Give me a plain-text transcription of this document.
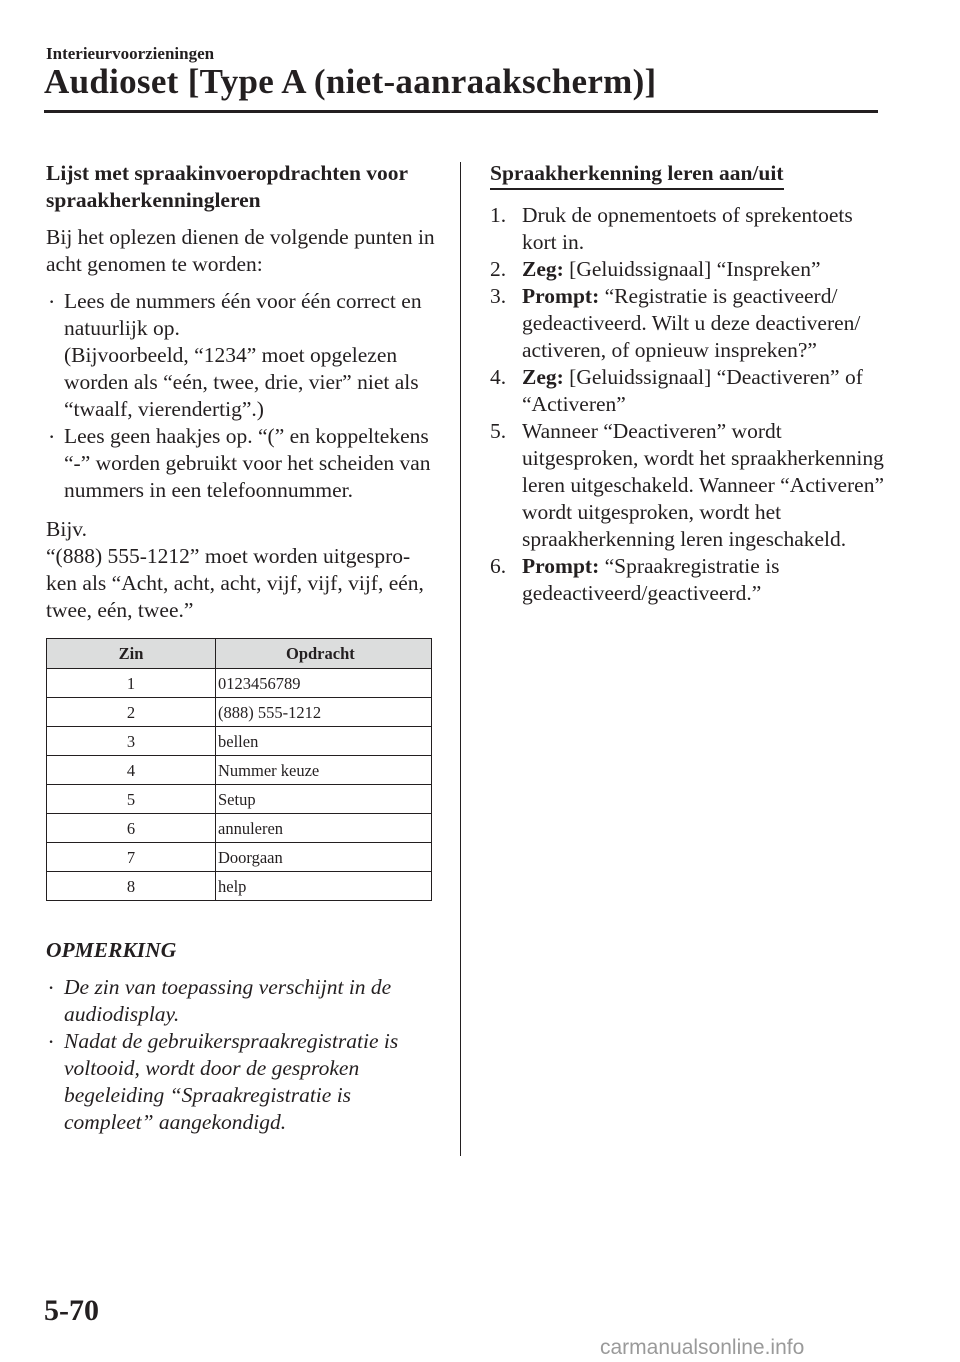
Interieurvoorzieningen
Audioset [Type A (niet-aanraakscherm)]
Lijst met spraakinvoeropdrachten voor spraakherkenningleren

Bij het oplezen dienen de volgende punten in acht genomen te worden:

· Lees de nummers één voor één correct en natuurlijk op.
(Bijvoorbeeld, “1234” moet opgelezen worden als “eén, twee, drie, vier” niet als “twaalf, vierendertig”.)
· Lees geen haakjes op. “(” en koppeltekens “-” worden gebruikt voor het scheiden van nummers in een telefoonnummer.

Bijv.

“(888) 555-1212” moet worden uitgespro-ken als “Acht, acht, acht, vijf, vijf, vijf, eén, twee, eén, twee.”

Zin	Opdracht
1	0123456789
2	(888) 555-1212
3	bellen
4	Nummer keuze
5	Setup
6	annuleren
7	Doorgaan
8	help
OPMERKING
· De zin van toepassing verschijnt in de audiodisplay.
· Nadat de gebruikerspraakregistratie is voltooid, wordt door de gesproken begeleiding “Spraakregistratie is compleet” aangekondigd.
Spraakherkenning leren aan/uit
1. Druk de opnementoets of sprekentoets kort in.
2. Zeg: [Geluidssignaal] “Inspreken”
3. Prompt: “Registratie is geactiveerd/ gedeactiveerd. Wilt u deze deactiveren/ activeren, of opnieuw inspreken?”
4. Zeg: [Geluidssignaal] “Deactiveren” of “Activeren”
5. Wanneer “Deactiveren” wordt uitgesproken, wordt het spraakherkenning leren uitgeschakeld. Wanneer “Activeren” wordt uitgesproken, wordt het spraakherkenning leren ingeschakeld.
6. Prompt: “Spraakregistratie is gedeactiveerd/geactiveerd.”
5-70
carmanualsonline.info
